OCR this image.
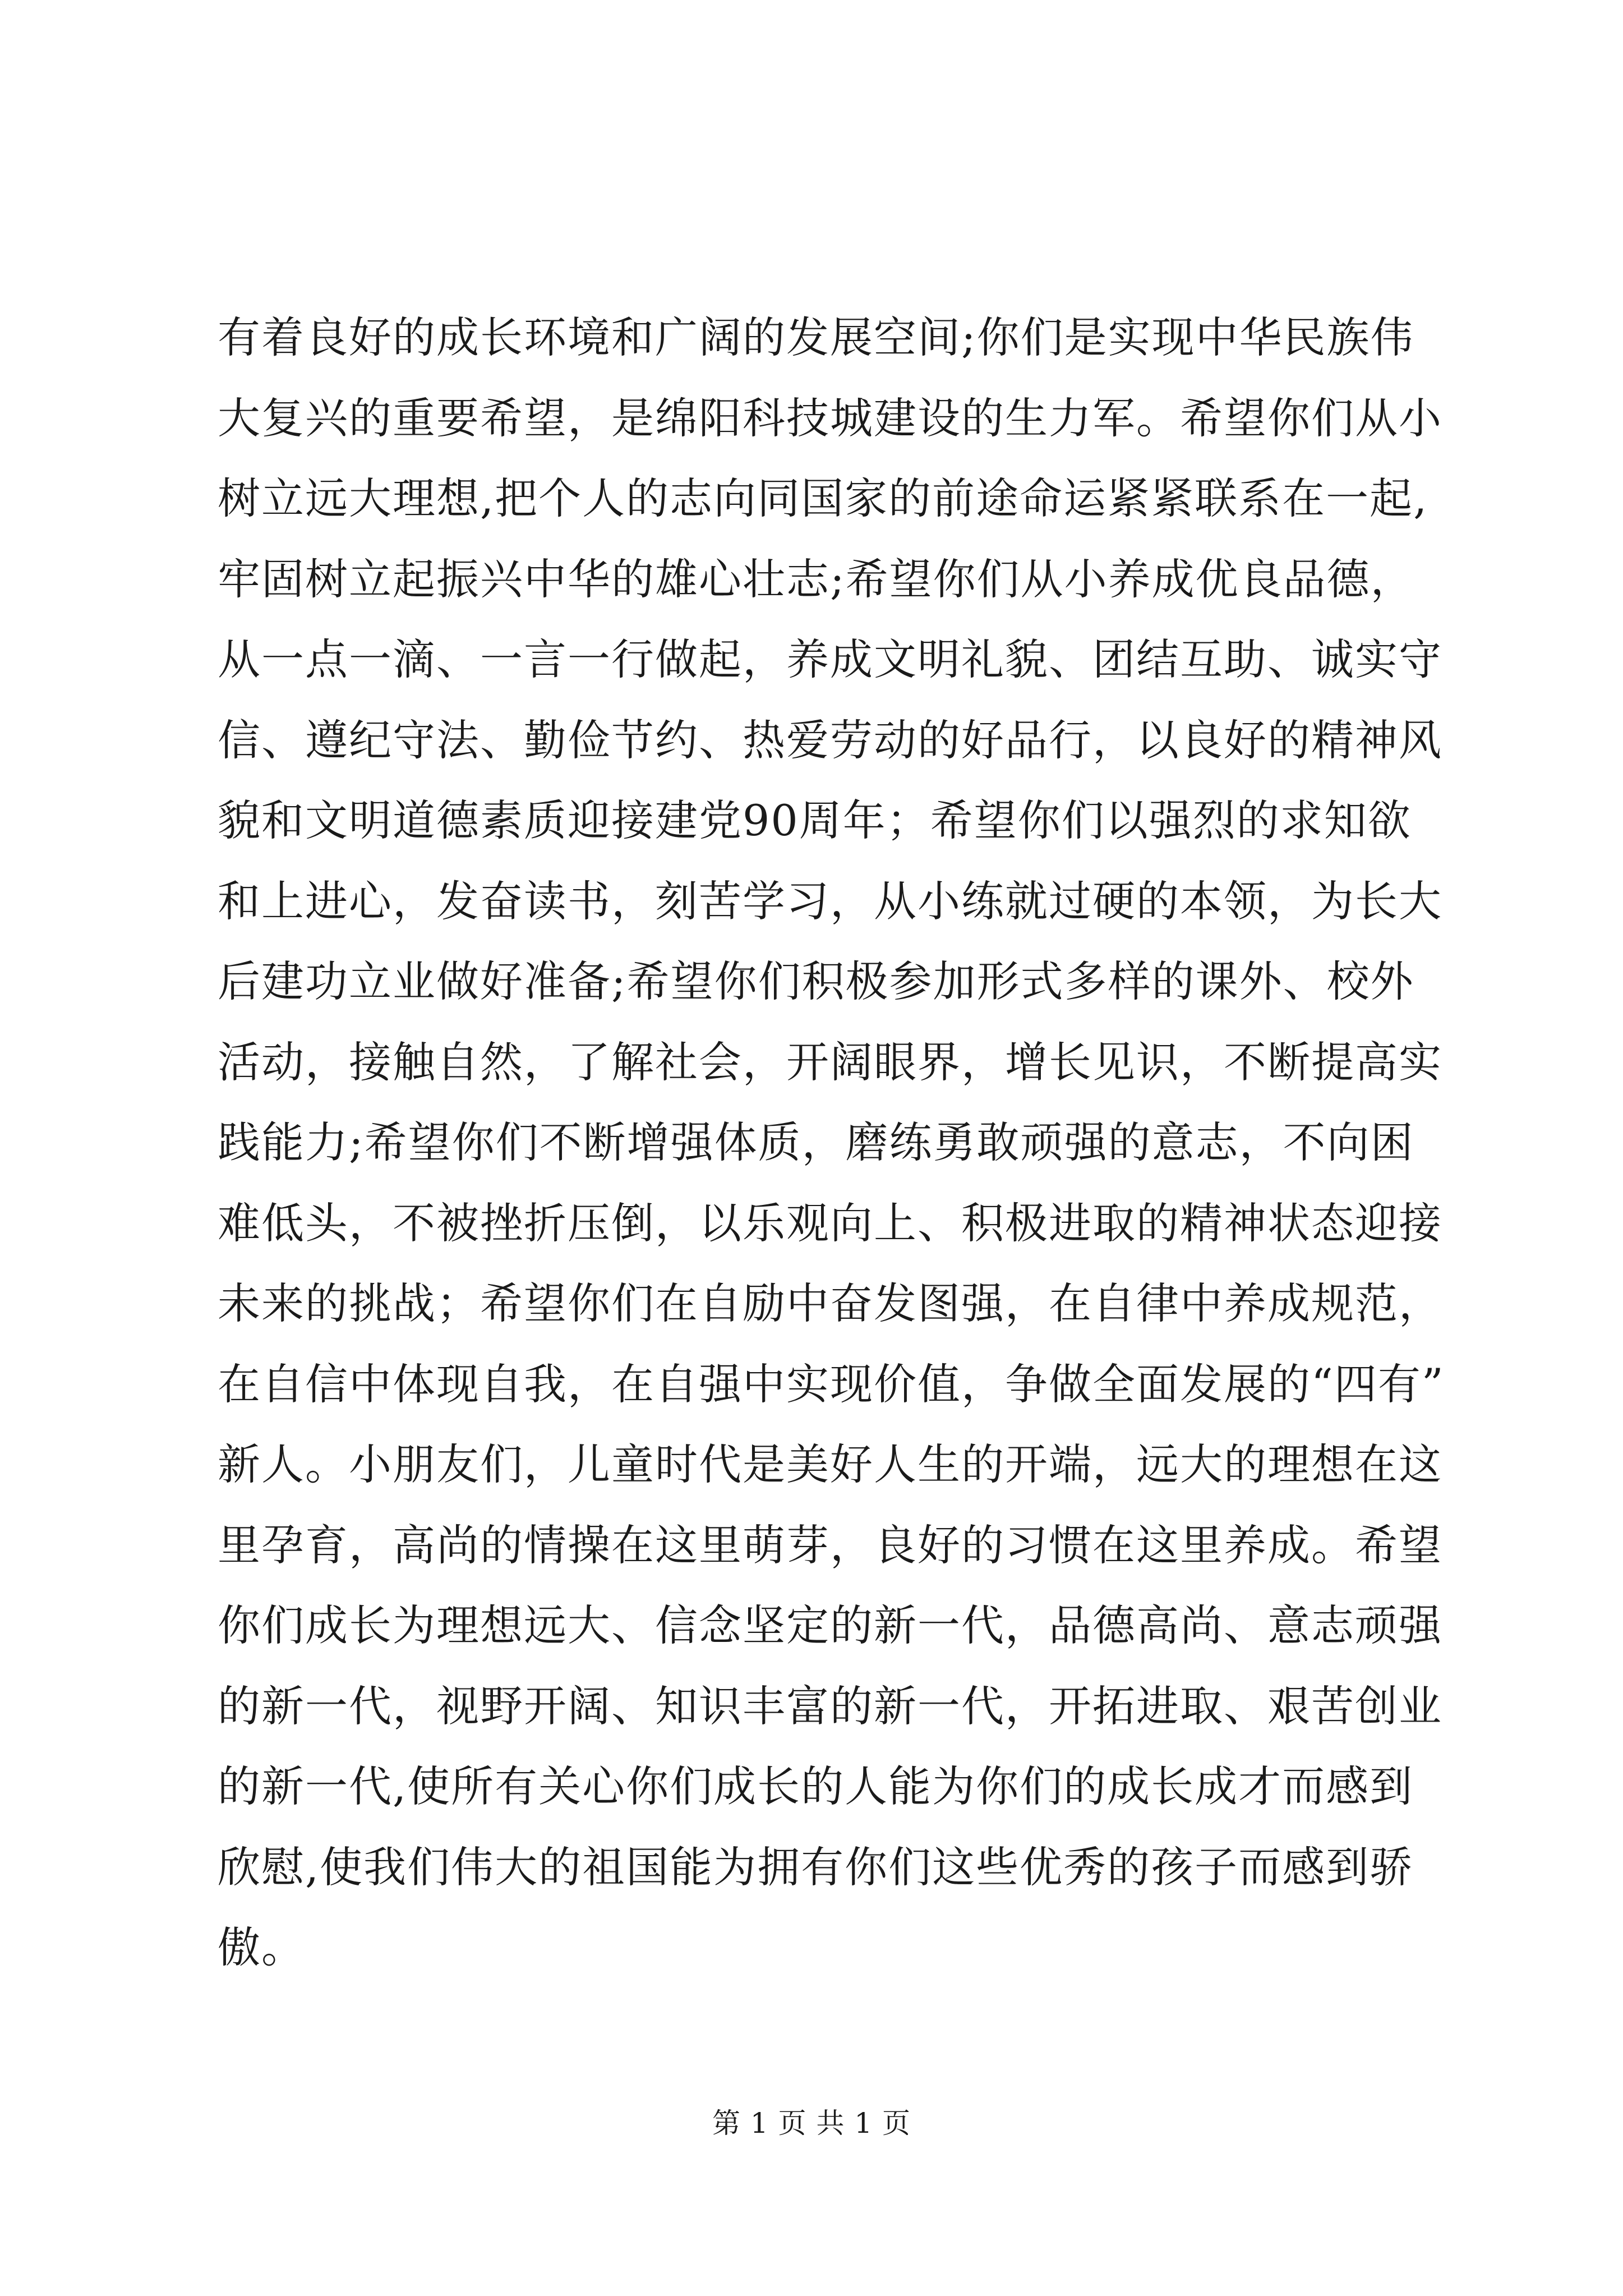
有着良好的成长环境和广阔的发展空间;你们是实现中华民族伟
大复兴的重要希望，是绵阳科技城建设的生力军。希望你们从小
树立远大理想,把个人的志向同国家的前途命运紧紧联系在一起,
牢固树立起振兴中华的雄心壮志;希望你们从小养成优良品德，
从一点一滴、一言一行做起，养成文明礼貌、团结互助、诚实守
信、遵纪守法、勤俭节约、热爱劳动的好品行，以良好的精神风
貌和文明道德素质迎接建党90周年；希望你们以强烈的求知欲
和上进心，发奋读书，刻苦学习，从小练就过硬的本领，为长大
后建功立业做好准备;希望你们积极参加形式多样的课外、校外
活动，接触自然，了解社会，开阔眼界，增长见识，不断提高实
践能力;希望你们不断增强体质，磨练勇敢顽强的意志，不向困
难低头，不被挫折压倒，以乐观向上、积极进取的精神状态迎接
未来的挑战；希望你们在自励中奋发图强，在自律中养成规范，
在自信中体现自我，在自强中实现价值，争做全面发展的“四有”
新人。小朋友们，儿童时代是美好人生的开端，远大的理想在这
里孕育，高尚的情操在这里萌芽，良好的习惯在这里养成。希望
你们成长为理想远大、信念坚定的新一代，品德高尚、意志顽强
的新一代，视野开阔、知识丰富的新一代，开拓进取、艰苦创业
的新一代,使所有关心你们成长的人能为你们的成长成才而感到
欣慰,使我们伟大的祖国能为拥有你们这些优秀的孩子而感到骄
傲。
第 1 页 共 1 页
